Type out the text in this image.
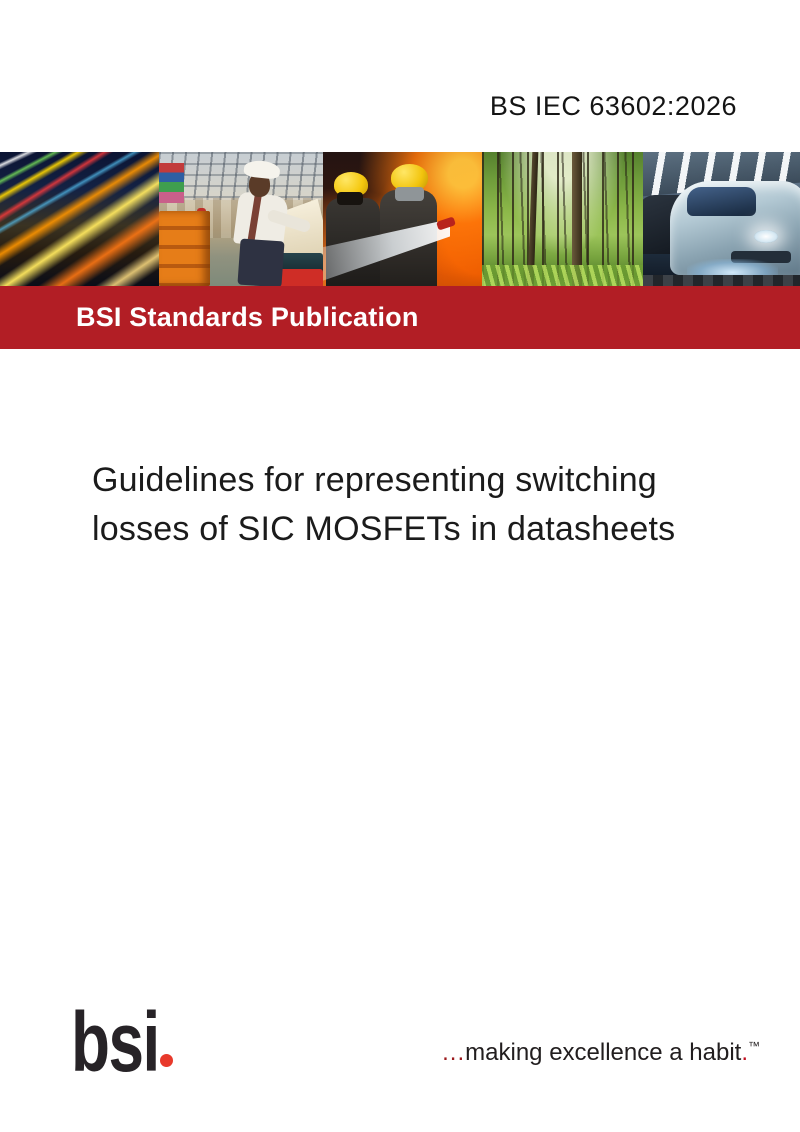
BS IEC 63602:2026
BSI Standards Publication
Guidelines for representing switching
losses of SIC MOSFETs in datasheets
bsi	...making excellence a habit.™
